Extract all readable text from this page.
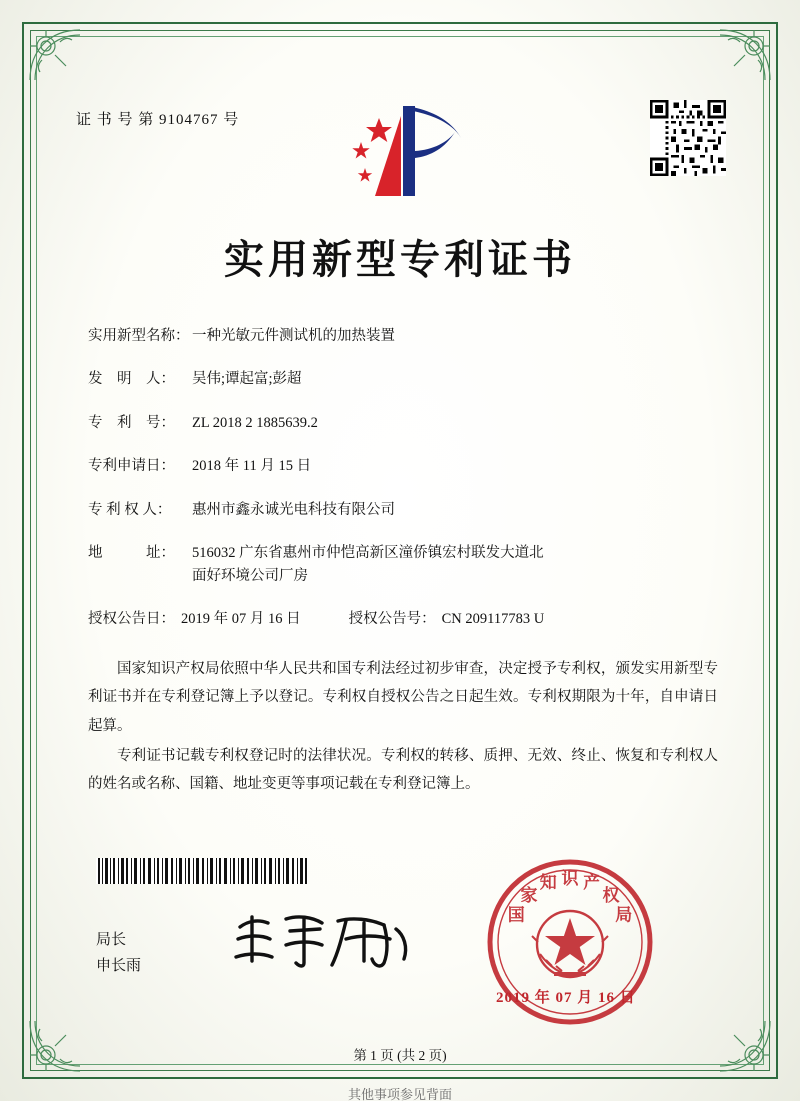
证 书 号 第 9104767 号
实用新型专利证书
实用新型名称： 一种光敏元件测试机的加热装置
发　明　人：	吴伟;谭起富;彭超
专　利　号：	ZL 2018 2 1885639.2
专利申请日：	2018 年 11 月 15 日
专 利 权 人：	惠州市鑫永诚光电科技有限公司
地　　　址：	516032 广东省惠州市仲恺高新区潼侨镇宏村联发大道北
面好环境公司厂房
授权公告日： 2019 年 07 月 16 日	授权公告号： CN 209117783 U

国家知识产权局依照中华人民共和国专利法经过初步审查，决定授予专利权，颁发实用新型专利证书并在专利登记簿上予以登记。专利权自授权公告之日起生效。专利权期限为十年，自申请日起算。

专利证书记载专利权登记时的法律状况。专利权的转移、质押、无效、终止、恢复和专利权人的姓名或名称、国籍、地址变更等事项记载在专利登记簿上。

局长
申长雨
国
家
知 识 产
权
局
2019 年 07 月 16 日
第 1 页 (共 2 页)
其他事项参见背面
